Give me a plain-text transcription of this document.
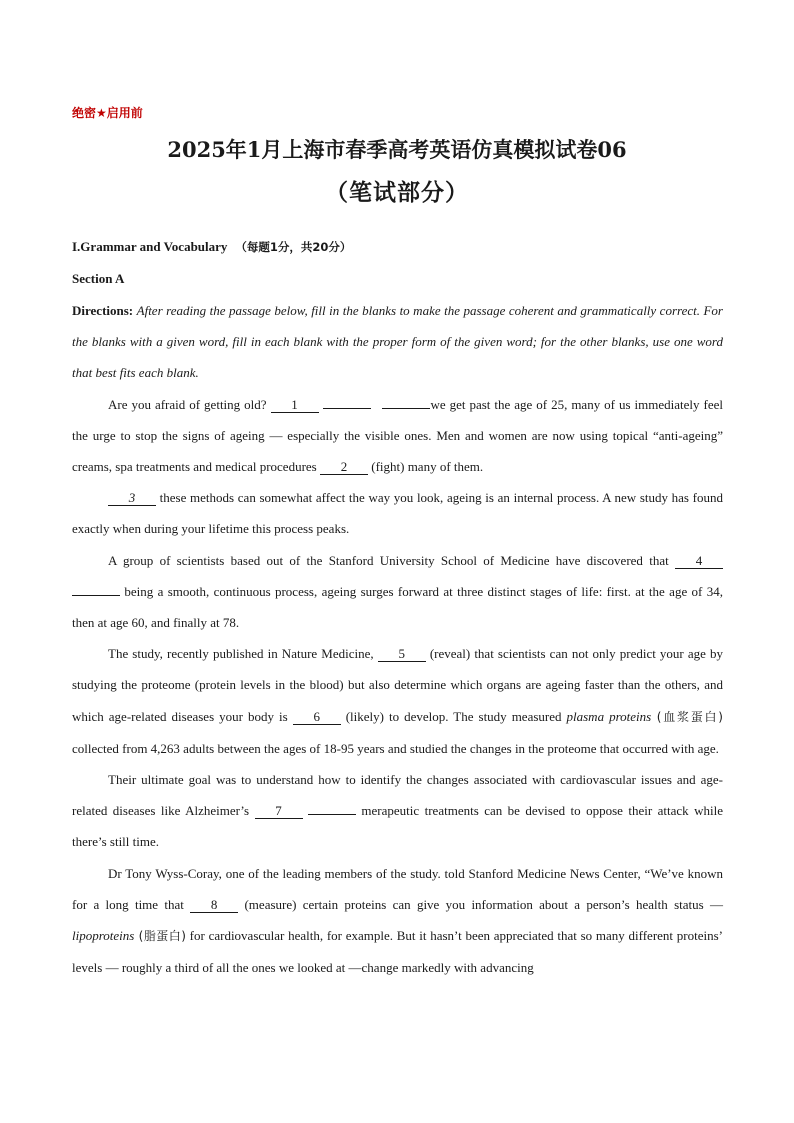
绝密★启用前
2025年1月上海市春季高考英语仿真模拟试卷06
（笔试部分）
I.Grammar and Vocabulary （每题1分，共20分）
Section A

Directions: After reading the passage below, fill in the blanks to make the passage coherent and grammatically correct. For the blanks with a given word, fill in each blank with the proper form of the given word; for the other blanks, use one word that best fits each blank.

Are you afraid of getting old? 1	we get past the age of 25, many of us immediately feel the urge to stop the signs of ageing — especially the visible ones. Men and women are now using topical “anti-ageing” creams, spa treatments and medical procedures 2 (fight) many of them.

3 these methods can somewhat affect the way you look, ageing is an internal process. A new study has found exactly when during your lifetime this process peaks.

A group of scientists based out of the Stanford University School of Medicine have discovered that 4  being a smooth, continuous process, ageing surges forward at three distinct stages of life: first. at the age of 34, then at age 60, and finally at 78.

The study, recently published in Nature Medicine, 5 (reveal) that scientists can not only predict your age by studying the proteome (protein levels in the blood) but also determine which organs are ageing faster than the others, and which age-related diseases your body is 6 (likely) to develop. The study measured plasma proteins (血浆蛋白) collected from 4,263 adults between the ages of 18-95 years and studied the changes in the proteome that occurred with age.

Their ultimate goal was to understand how to identify the changes associated with cardiovascular issues and age-related diseases like Alzheimer’s 7	merapeutic treatments can be devised to oppose their attack while there’s still time.

Dr Tony Wyss-Coray, one of the leading members of the study. told Stanford Medicine News Center, “We’ve known for a long time that 8 (measure) certain proteins can give you information about a person’s health status — lipoproteins (脂蛋白) for cardiovascular health, for example. But it hasn’t been appreciated that so many different proteins’ levels — roughly a third of all the ones we looked at —change markedly with advancing
